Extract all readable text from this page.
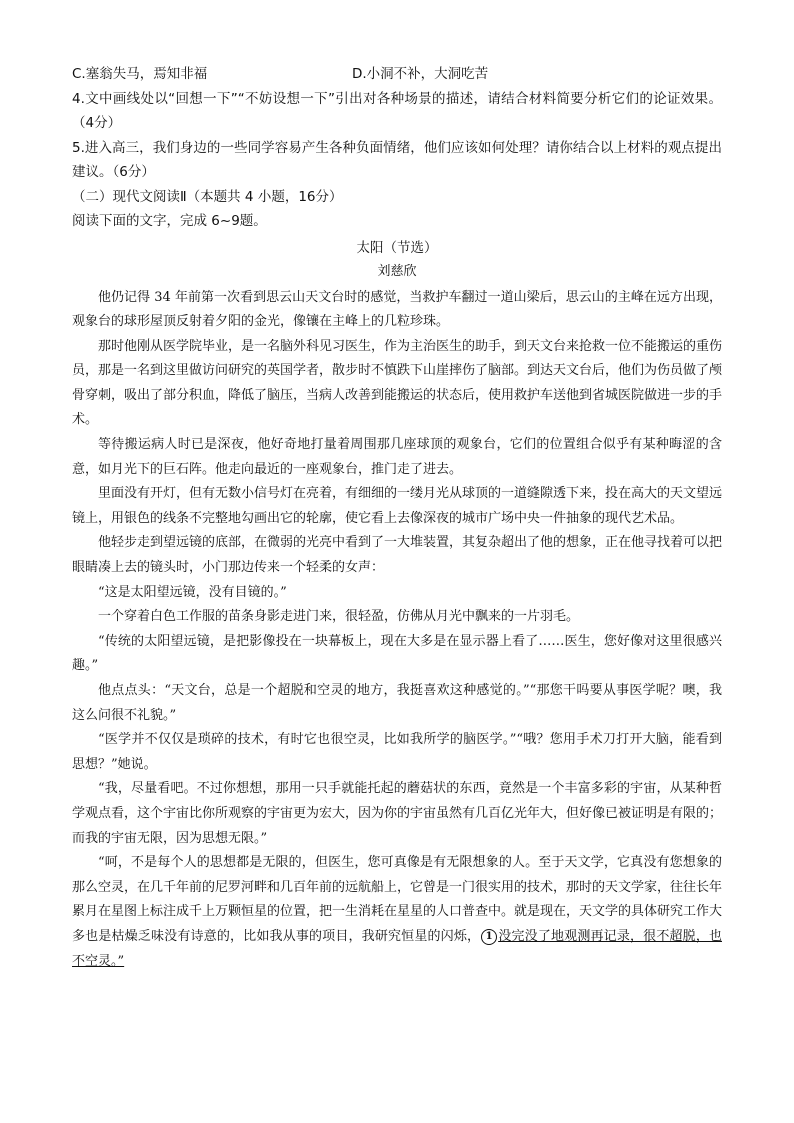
C.塞翁失马，焉知非福	D.小洞不补，大洞吃苦

4.文中画线处以“回想一下”“不妨设想一下”引出对各种场景的描述，请结合材料简要分析它们的论证效果。（4分）

5.进入高三，我们身边的一些同学容易产生各种负面情绪，他们应该如何处理？请你结合以上材料的观点提出建议。（6分）

（二）现代文阅读Ⅱ（本题共 4 小题，16分）

阅读下面的文字，完成 6~9题。

太阳（节选）

刘慈欣

他仍记得 34 年前第一次看到思云山天文台时的感觉，当救护车翻过一道山梁后，思云山的主峰在远方出现，观象台的球形屋顶反射着夕阳的金光，像镶在主峰上的几粒珍珠。

那时他刚从医学院毕业，是一名脑外科见习医生，作为主治医生的助手，到天文台来抢救一位不能搬运的重伤员，那是一名到这里做访问研究的英国学者，散步时不慎跌下山崖摔伤了脑部。到达天文台后，他们为伤员做了颅骨穿刺，吸出了部分积血，降低了脑压，当病人改善到能搬运的状态后，使用救护车送他到省城医院做进一步的手术。

等待搬运病人时已是深夜，他好奇地打量着周围那几座球顶的观象台，它们的位置组合似乎有某种晦涩的含意，如月光下的巨石阵。他走向最近的一座观象台，推门走了进去。

里面没有开灯，但有无数小信号灯在亮着，有细细的一缕月光从球顶的一道缝隙透下来，投在高大的天文望远镜上，用银色的线条不完整地勾画出它的轮廓，使它看上去像深夜的城市广场中央一件抽象的现代艺术品。

他轻步走到望远镜的底部，在微弱的光亮中看到了一大堆装置，其复杂超出了他的想象，正在他寻找着可以把眼睛凑上去的镜头时，小门那边传来一个轻柔的女声：

“这是太阳望远镜，没有目镜的。”

一个穿着白色工作服的苗条身影走进门来，很轻盈，仿佛从月光中飘来的一片羽毛。

“传统的太阳望远镜，是把影像投在一块幕板上，现在大多是在显示器上看了……医生，您好像对这里很感兴趣。”

他点点头：“天文台，总是一个超脱和空灵的地方，我挺喜欢这种感觉的。”“那您干吗要从事医学呢？噢，我这么问很不礼貌。”

“医学并不仅仅是琐碎的技术，有时它也很空灵，比如我所学的脑医学。”“哦？您用手术刀打开大脑，能看到思想？”她说。

“我，尽量看吧。不过你想想，那用一只手就能托起的蘑菇状的东西，竟然是一个丰富多彩的宇宙，从某种哲学观点看，这个宇宙比你所观察的宇宙更为宏大，因为你的宇宙虽然有几百亿光年大，但好像已被证明是有限的；而我的宇宙无限，因为思想无限。”

“呵，不是每个人的思想都是无限的，但医生，您可真像是有无限想象的人。至于天文学，它真没有您想象的那么空灵，在几千年前的尼罗河畔和几百年前的远航船上，它曾是一门很实用的技术，那时的天文学家，往往长年累月在星图上标注成千上万颗恒星的位置，把一生消耗在星星的人口普查中。就是现在，天文学的具体研究工作大多也是枯燥乏味没有诗意的，比如我从事的项目，我研究恒星的闪烁， 1 没完没了地观测再记录，很不超脱，也不空灵。”
